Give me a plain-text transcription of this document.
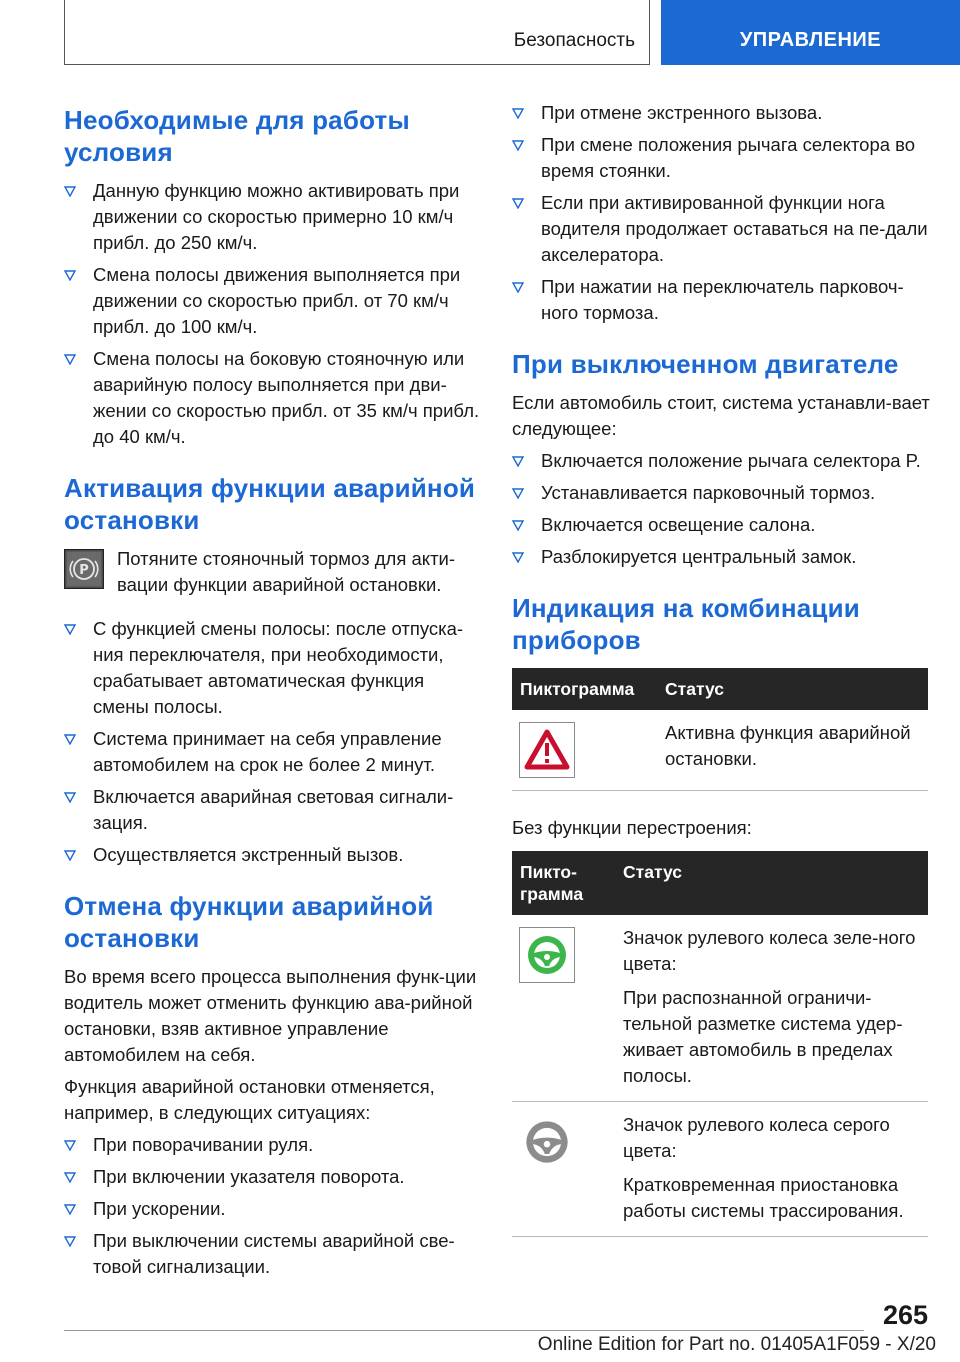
Безопасность	УПРАВЛЕНИЕ
Необходимые для работы условия
Данную функцию можно активировать при движении со скоростью примерно 10 км/ч прибл. до 250 км/ч.
Смена полосы движения выполняется при движении со скоростью прибл. от 70 км/ч прибл. до 100 км/ч.
Смена полосы на боковую стояночную или аварийную полосу выполняется при дви-жении со скоростью прибл. от 35 км/ч прибл. до 40 км/ч.
Активация функции аварийной остановки
P
Потяните стояночный тормоз для акти-вации функции аварийной остановки.
С функцией смены полосы: после отпуска-ния переключателя, при необходимости, срабатывает автоматическая функция смены полосы.
Система принимает на себя управление автомобилем на срок не более 2 минут.
Включается аварийная световая сигнали-зация.
Осуществляется экстренный вызов.
Отмена функции аварийной остановки

Во время всего процесса выполнения функ-ции водитель может отменить функцию ава-рийной остановки, взяв активное управление автомобилем на себя.

Функция аварийной остановки отменяется, например, в следующих ситуациях:

При поворачивании руля.
При включении указателя поворота.
При ускорении.
При выключении системы аварийной све-товой сигнализации.
При отмене экстренного вызова.
При смене положения рычага селектора во время стоянки.
Если при активированной функции нога водителя продолжает оставаться на пе-дали акселератора.
При нажатии на переключатель парковоч-ного тормоза.
При выключенном двигателе

Если автомобиль стоит, система устанавли-вает следующее:

Включается положение рычага селектора P.
Устанавливается парковочный тормоз.
Включается освещение салона.
Разблокируется центральный замок.
Индикация на комбинации приборов
Пиктограмма	Статус

Активна функция аварийной остановки.

Без функции перестроения:

Пикто-грамма
Статус

Значок рулевого колеса зеле-ного цвета:

При распознанной ограничи-тельной разметке система удер-живает автомобиль в пределах полосы.

Значок рулевого колеса серого цвета:

Кратковременная приостановка работы системы трассирования.

265
Online Edition for Part no. 01405A1F059 - X/20
